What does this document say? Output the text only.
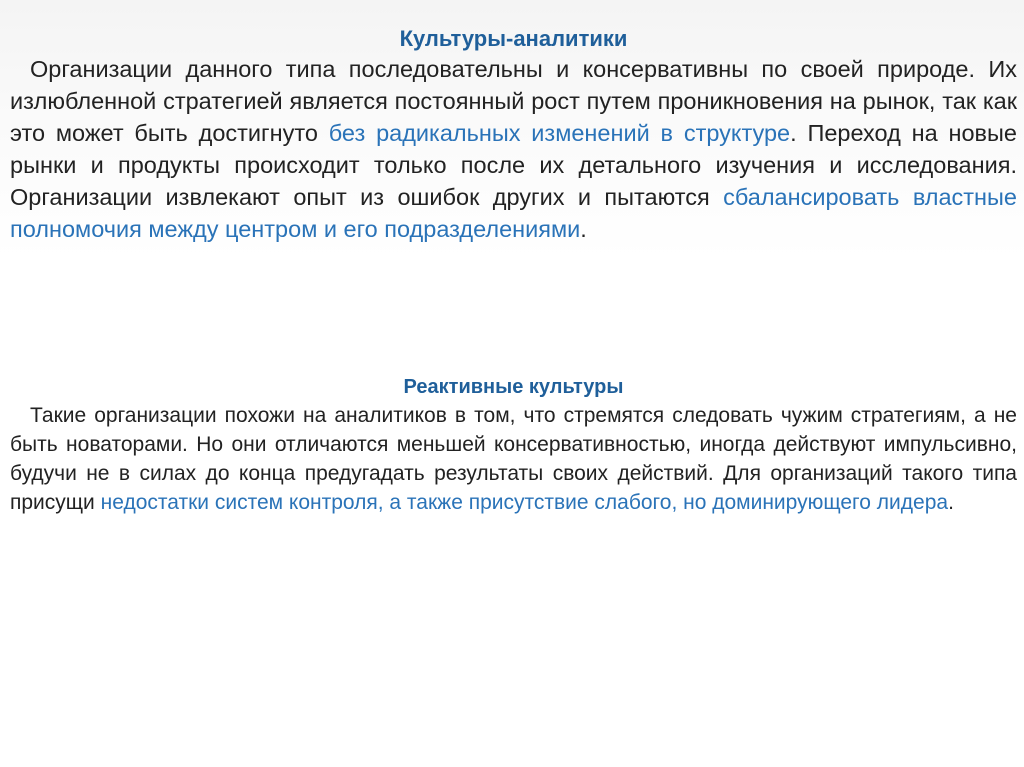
Культуры-аналитики

Организации данного типа последовательны и консервативны по своей природе. Их излюбленной стратегией является постоянный рост путем проникновения на рынок, так как это может быть достигнуто без радикальных изменений в структуре. Переход на новые рынки и продукты происходит только после их детального изучения и исследования. Организации извлекают опыт из ошибок других и пытаются сбалансировать властные полномочия между центром и его подразделениями.

Реактивные культуры

Такие организации похожи на аналитиков в том, что стремятся следовать чужим стратегиям, а не быть новаторами. Но они отличаются меньшей консервативностью, иногда действуют импульсивно, будучи не в силах до конца предугадать результаты своих действий. Для организаций такого типа присущи недостатки систем контроля, а также присутствие слабого, но доминирующего лидера.
